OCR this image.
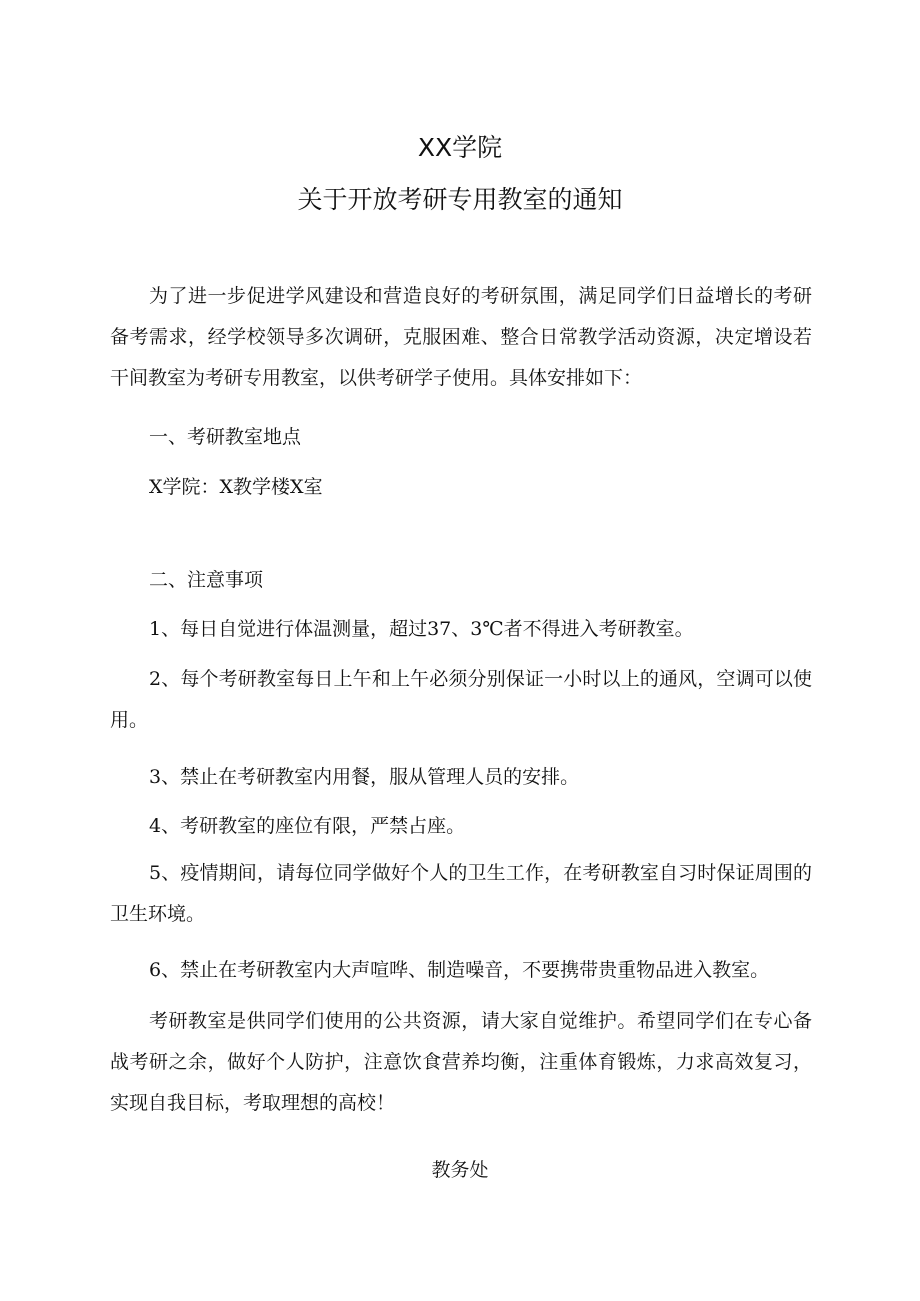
XX学院
关于开放考研专用教室的通知

为了进一步促进学风建设和营造良好的考研氛围，满足同学们日益增长的考研备考需求，经学校领导多次调研，克服困难、整合日常教学活动资源，决定增设若干间教室为考研专用教室，以供考研学子使用。具体安排如下：

一、考研教室地点

X学院：X教学楼X室

二、注意事项

1、每日自觉进行体温测量，超过37、3℃者不得进入考研教室。

2、每个考研教室每日上午和上午必须分别保证一小时以上的通风，空调可以使用。

3、禁止在考研教室内用餐，服从管理人员的安排。

4、考研教室的座位有限，严禁占座。

5、疫情期间，请每位同学做好个人的卫生工作，在考研教室自习时保证周围的卫生环境。

6、禁止在考研教室内大声喧哗、制造噪音，不要携带贵重物品进入教室。

考研教室是供同学们使用的公共资源，请大家自觉维护。希望同学们在专心备战考研之余，做好个人防护，注意饮食营养均衡，注重体育锻炼，力求高效复习，实现自我目标，考取理想的高校！

教务处
